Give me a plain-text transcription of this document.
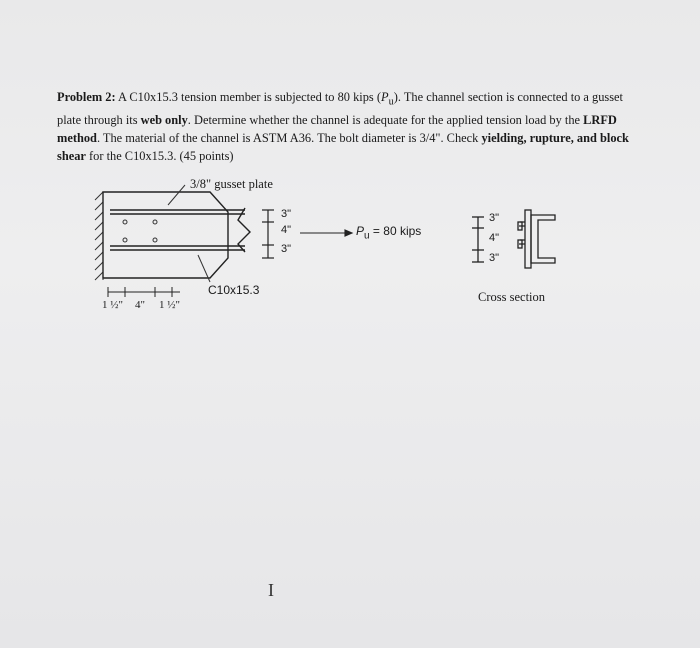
Problem 2: A C10x15.3 tension member is subjected to 80 kips $(P_u)$. The channel section is connected to a gusset plate through its web only. Determine whether the channel is adequate for the applied tension load by the LRFD method. The material of the channel is ASTM A36. The bolt diameter is 3/4". Check yielding, rupture, and block shear for the C10x15.3. (45 points)
3/8" gusset plate
C10x15.3
3"
4"
3"
1 ½" 4" 1 ½"
$P_u = 80$ kips
3"
4"
3"
Cross section
I
